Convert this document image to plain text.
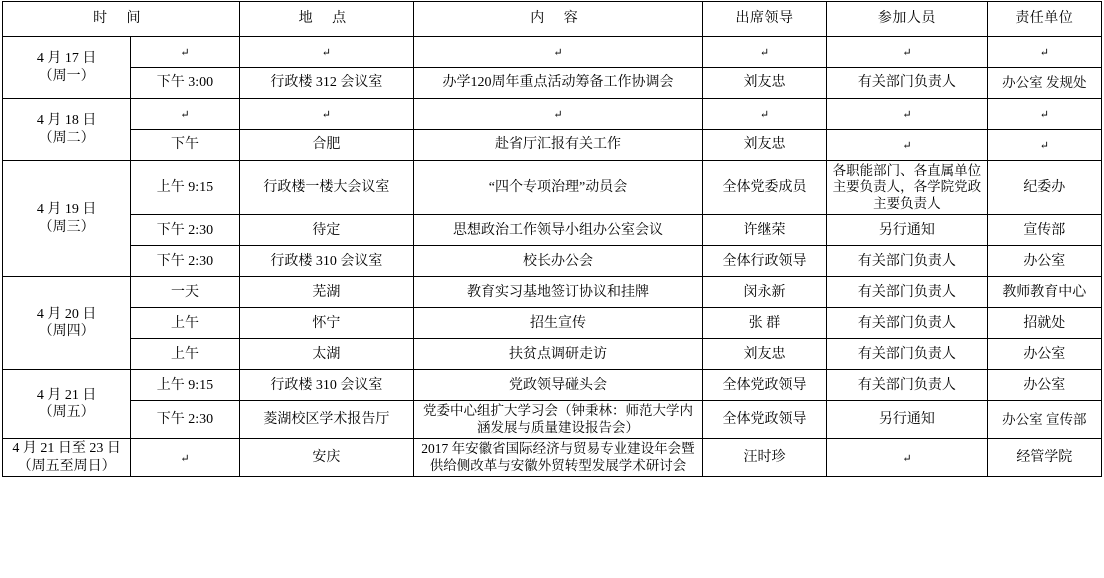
时 间		地 点	内 容	出席领导	参加人员	责任单位

4 月 17 日
（周一）	↵	↵	↵	↵	↵	↵
	下午 3:00	行政楼 312 会议室	办学120周年重点活动筹备工作协调会	刘友忠	有关部门负责人	办公室 发规处

4 月 18 日
（周二）	↵	↵	↵	↵	↵	↵
	下午	合肥	赴省厅汇报有关工作	刘友忠	↵	↵

4 月 19 日
（周三）	上午 9:15	行政楼一楼大会议室	“四个专项治理”动员会	全体党委成员	各职能部门、各直属单位主要负责人，各学院党政主要负责人	纪委办
	下午 2:30	待定	思想政治工作领导小组办公室会议	许继荣	另行通知	宣传部
	下午 2:30	行政楼 310 会议室	校长办公会	全体行政领导	有关部门负责人	办公室

4 月 20 日
（周四）	一天	芜湖	教育实习基地签订协议和挂牌	闵永新	有关部门负责人	教师教育中心
	上午	怀宁	招生宣传	张 群	有关部门负责人	招就处
	上午	太湖	扶贫点调研走访	刘友忠	有关部门负责人	办公室

4 月 21 日
（周五）	上午 9:15	行政楼 310 会议室	党政领导碰头会	全体党政领导	有关部门负责人	办公室
	下午 2:30	菱湖校区学术报告厅	党委中心组扩大学习会（钟秉林：师范大学内涵发展与质量建设报告会）	全体党政领导	另行通知	办公室 宣传部

4 月 21 日至 23 日
（周五至周日）	↵	安庆	2017 年安徽省国际经济与贸易专业建设年会暨供给侧改革与安徽外贸转型发展学术研讨会	汪时珍	↵	经管学院
